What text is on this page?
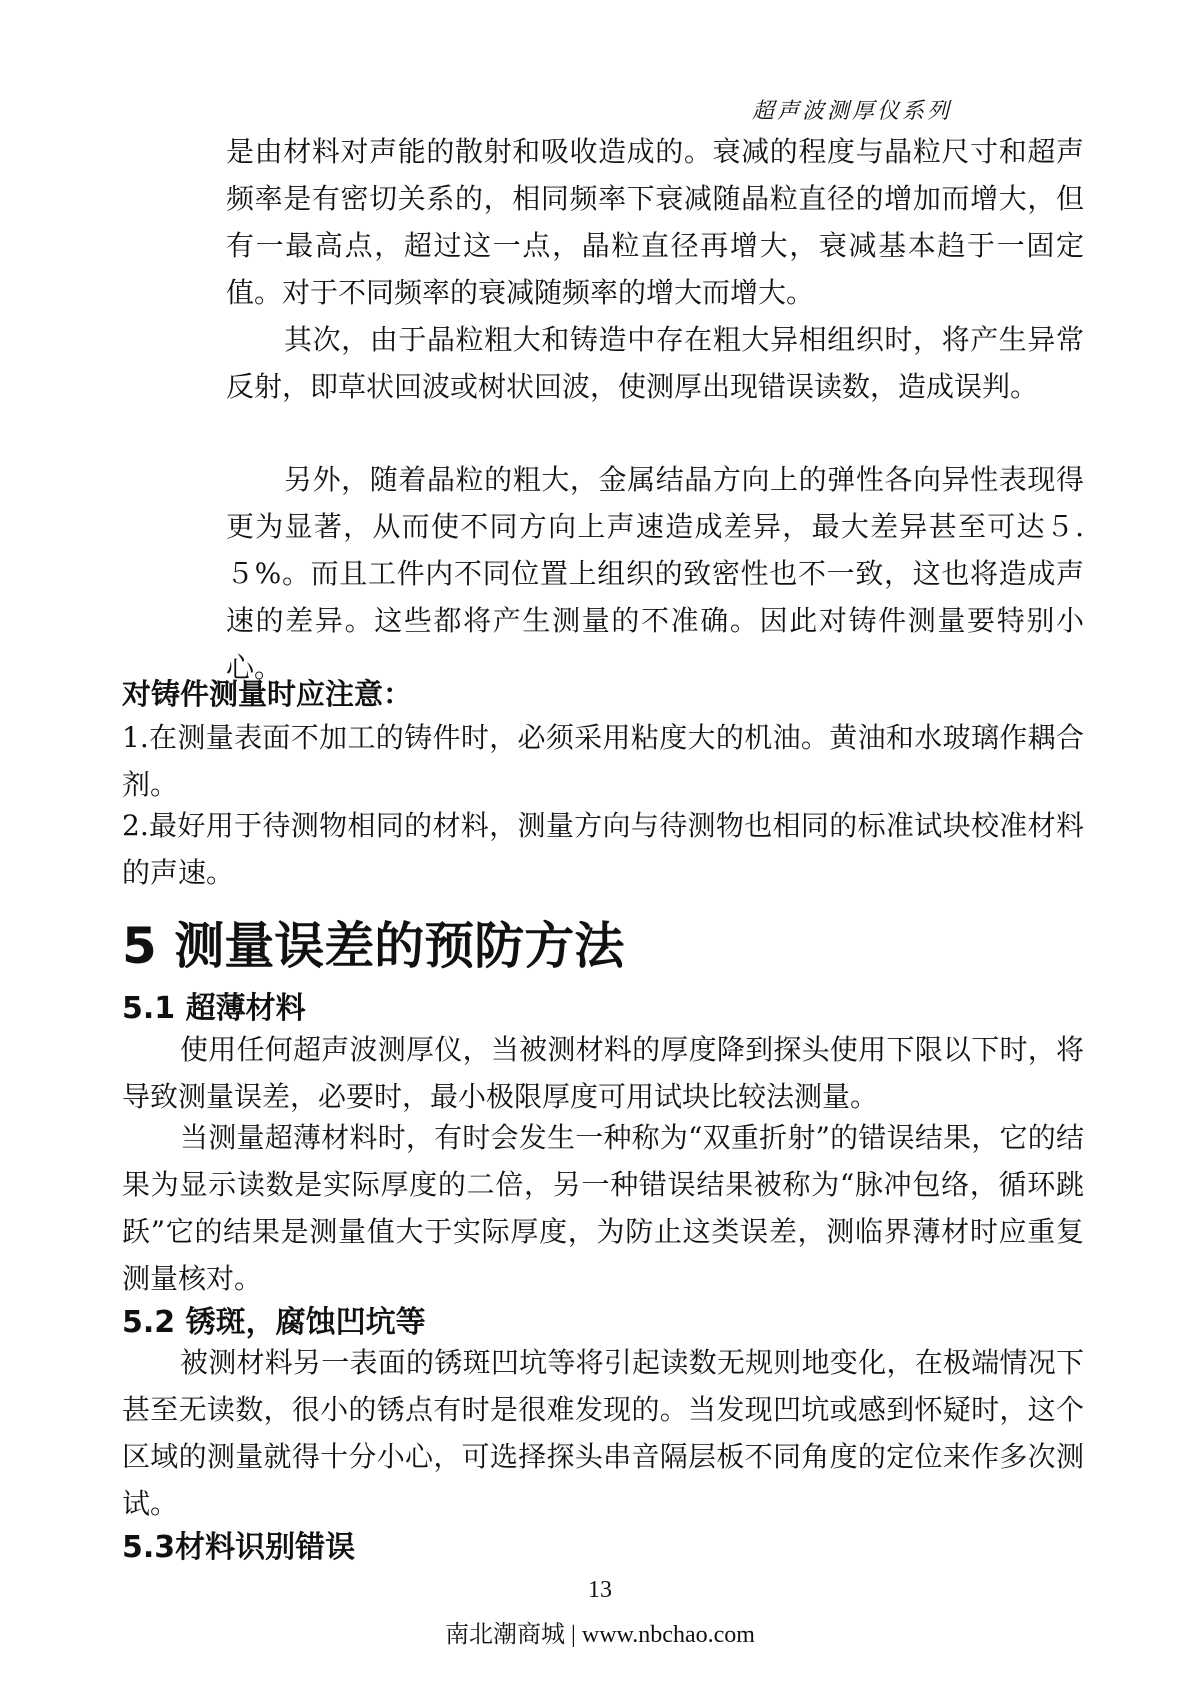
超声波测厚仪系列

是由材料对声能的散射和吸收造成的。衰减的程度与晶粒尺寸和超声频率是有密切关系的，相同频率下衰减随晶粒直径的增加而增大，但有一最高点，超过这一点，晶粒直径再增大，衰减基本趋于一固定值。对于不同频率的衰减随频率的增大而增大。

其次，由于晶粒粗大和铸造中存在粗大异相组织时，将产生异常反射，即草状回波或树状回波，使测厚出现错误读数，造成误判。

另外，随着晶粒的粗大，金属结晶方向上的弹性各向异性表现得更为显著，从而使不同方向上声速造成差异，最大差异甚至可达５.５%。而且工件内不同位置上组织的致密性也不一致，这也将造成声速的差异。这些都将产生测量的不准确。因此对铸件测量要特别小心。

对铸件测量时应注意：

1.在测量表面不加工的铸件时，必须采用粘度大的机油。黄油和水玻璃作耦合剂。

2.最好用于待测物相同的材料，测量方向与待测物也相同的标准试块校准材料的声速。

5 测量误差的预防方法
5.1 超薄材料

使用任何超声波测厚仪，当被测材料的厚度降到探头使用下限以下时，将导致测量误差，必要时，最小极限厚度可用试块比较法测量。

当测量超薄材料时，有时会发生一种称为“双重折射”的错误结果，它的结果为显示读数是实际厚度的二倍，另一种错误结果被称为“脉冲包络，循环跳跃”它的结果是测量值大于实际厚度，为防止这类误差，测临界薄材时应重复测量核对。

5.2 锈斑，腐蚀凹坑等

被测材料另一表面的锈斑凹坑等将引起读数无规则地变化，在极端情况下甚至无读数，很小的锈点有时是很难发现的。当发现凹坑或感到怀疑时，这个区域的测量就得十分小心，可选择探头串音隔层板不同角度的定位来作多次测试。

5.3材料识别错误
13
南北潮商城 | www.nbchao.com
